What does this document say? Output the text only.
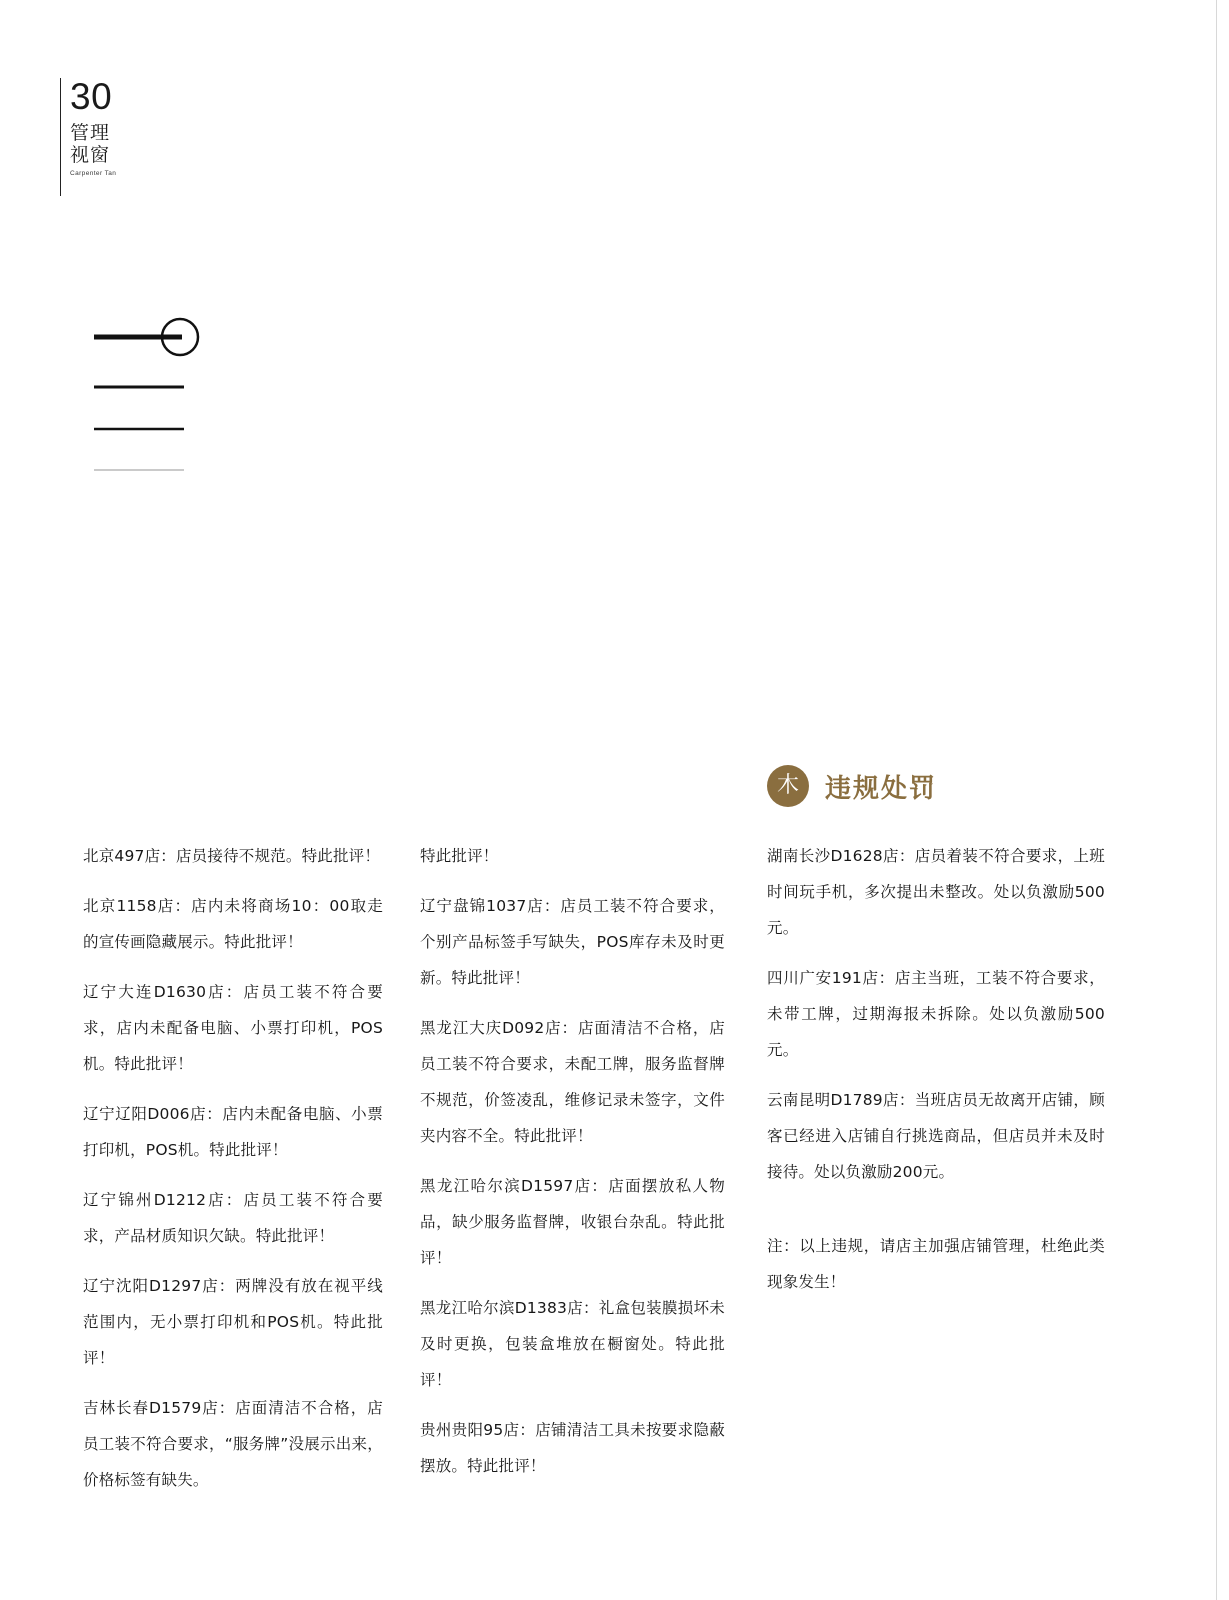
30
管理
视窗
Carpenter Tan
木	违规处罚

北京497店：店员接待不规范。特此批评！

北京1158店：店内未将商场10：00取走的宣传画隐藏展示。特此批评！

辽宁大连D1630店：店员工装不符合要求，店内未配备电脑、小票打印机，POS机。特此批评！

辽宁辽阳D006店：店内未配备电脑、小票打印机，POS机。特此批评！

辽宁锦州D1212店：店员工装不符合要求，产品材质知识欠缺。特此批评！

辽宁沈阳D1297店：两牌没有放在视平线范围内，无小票打印机和POS机。特此批评！

吉林长春D1579店：店面清洁不合格，店员工装不符合要求，“服务牌”没展示出来，价格标签有缺失。

特此批评！

辽宁盘锦1037店：店员工装不符合要求，个别产品标签手写缺失，POS库存未及时更新。特此批评！

黑龙江大庆D092店：店面清洁不合格，店员工装不符合要求，未配工牌，服务监督牌不规范，价签凌乱，维修记录未签字，文件夹内容不全。特此批评！

黑龙江哈尔滨D1597店：店面摆放私人物品，缺少服务监督牌，收银台杂乱。特此批评！

黑龙江哈尔滨D1383店：礼盒包装膜损坏未及时更换，包装盒堆放在橱窗处。特此批评！

贵州贵阳95店：店铺清洁工具未按要求隐蔽摆放。特此批评！

湖南长沙D1628店：店员着装不符合要求，上班时间玩手机，多次提出未整改。处以负激励500元。

四川广安191店：店主当班，工装不符合要求，未带工牌，过期海报未拆除。处以负激励500元。

云南昆明D1789店：当班店员无故离开店铺，顾客已经进入店铺自行挑选商品，但店员并未及时接待。处以负激励200元。

注：以上违规，请店主加强店铺管理，杜绝此类现象发生！
